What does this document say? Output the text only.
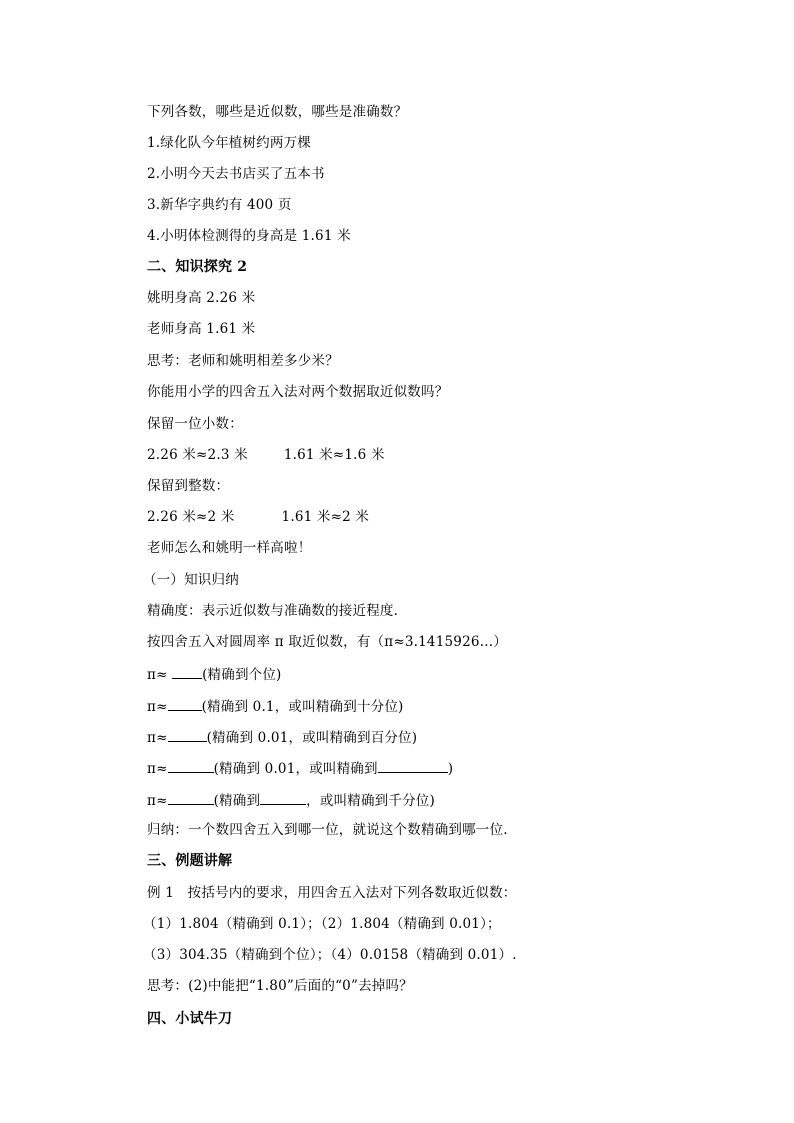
下列各数，哪些是近似数，哪些是准确数？
1.绿化队今年植树约两万棵
2.小明今天去书店买了五本书
3.新华字典约有 400 页
4.小明体检测得的身高是 1.61 米
二、知识探究 2
姚明身高 2.26 米
老师身高 1.61 米
思考：老师和姚明相差多少米？
你能用小学的四舍五入法对两个数据取近似数吗？
保留一位小数：
2.26 米≈2.3 米	1.61 米≈1.6 米
保留到整数：
2.26 米≈2 米	1.61 米≈2 米
老师怎么和姚明一样高啦！
（一）知识归纳
精确度：表示近似数与准确数的接近程度.
按四舍五入对圆周率 π 取近似数，有（π≈3.1415926…）
π≈ (精确到个位)
π≈	(精确到 0.1，或叫精确到十分位)
π≈	(精确到 0.01，或叫精确到百分位)
π≈	(精确到 0.01，或叫精确到	)
π≈	(精确到	，或叫精确到千分位)
归纳：一个数四舍五入到哪一位，就说这个数精确到哪一位.
三、例题讲解
例 1　按括号内的要求，用四舍五入法对下列各数取近似数：
（1）1.804（精确到 0.1）；（2）1.804（精确到 0.01）；
（3）304.35（精确到个位）；（4）0.0158（精确到 0.01）.
思考：(2)中能把“1.80”后面的“0”去掉吗？
四、小试牛刀
